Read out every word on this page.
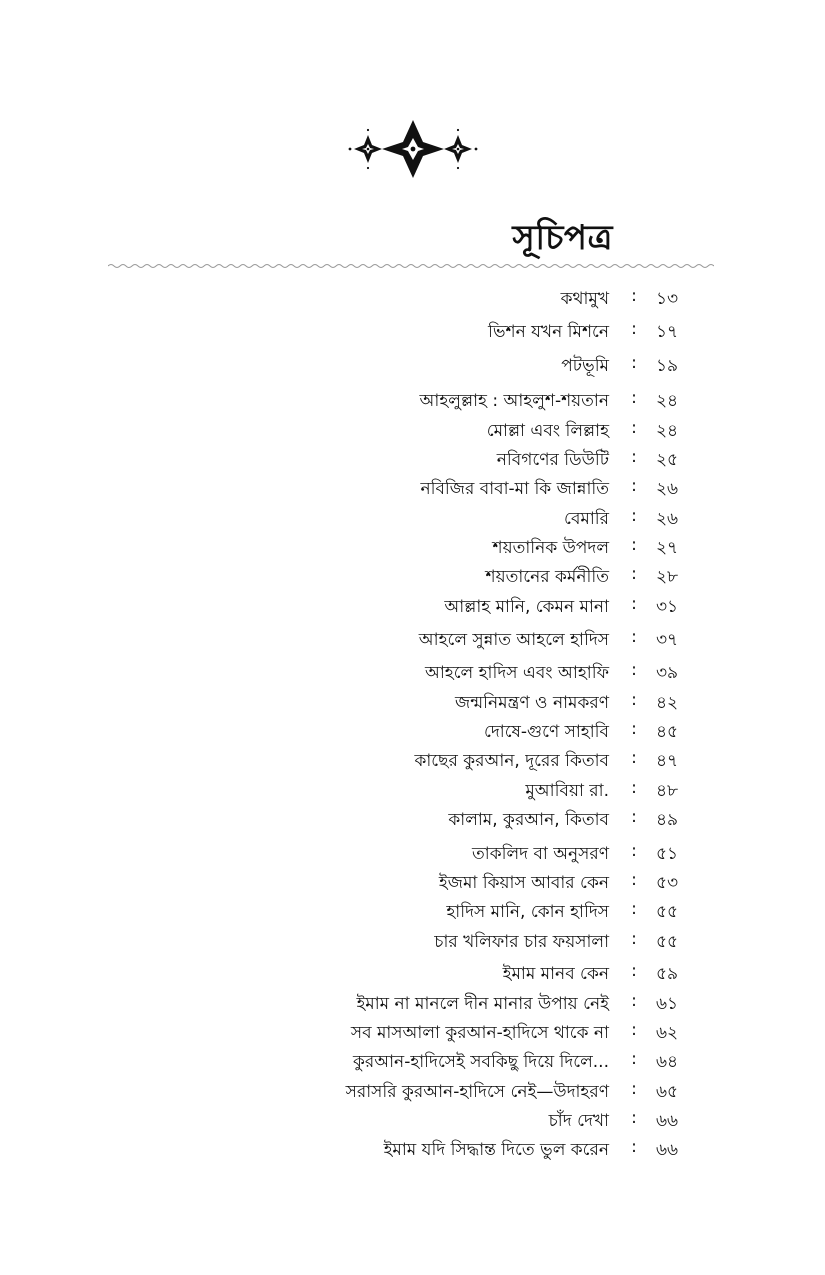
সূচিপত্র
কথামুখ : ১৩
ভিশন যখন মিশনে : ১৭
পটভূমি : ১৯
আহলুল্লাহ : আহলুশ-শয়তান : ২৪
মোল্লা এবং লিল্লাহ : ২৪
নবিগণের ডিউটি : ২৫
নবিজির বাবা-মা কি জান্নাতি : ২৬
বেমারি : ২৬
শয়তানিক উপদল : ২৭
শয়তানের কর্মনীতি : ২৮
আল্লাহ মানি, কেমন মানা : ৩১
আহলে সুন্নাত আহলে হাদিস : ৩৭
আহলে হাদিস এবং আহাফি : ৩৯
জন্মনিমন্ত্রণ ও নামকরণ : ৪২
দোষে-গুণে সাহাবি : ৪৫
কাছের কুরআন, দূরের কিতাব : ৪৭
মুআবিয়া রা. : ৪৮
কালাম, কুরআন, কিতাব : ৪৯
তাকলিদ বা অনুসরণ : ৫১
ইজমা কিয়াস আবার কেন : ৫৩
হাদিস মানি, কোন হাদিস : ৫৫
চার খলিফার চার ফয়সালা : ৫৫
ইমাম মানব কেন : ৫৯
ইমাম না মানলে দীন মানার উপায় নেই : ৬১
সব মাসআলা কুরআন-হাদিসে থাকে না : ৬২
কুরআন-হাদিসেই সবকিছু দিয়ে দিলে... : ৬৪
সরাসরি কুরআন-হাদিসে নেই—উদাহরণ : ৬৫
চাঁদ দেখা : ৬৬
ইমাম যদি সিদ্ধান্ত দিতে ভুল করেন : ৬৬
